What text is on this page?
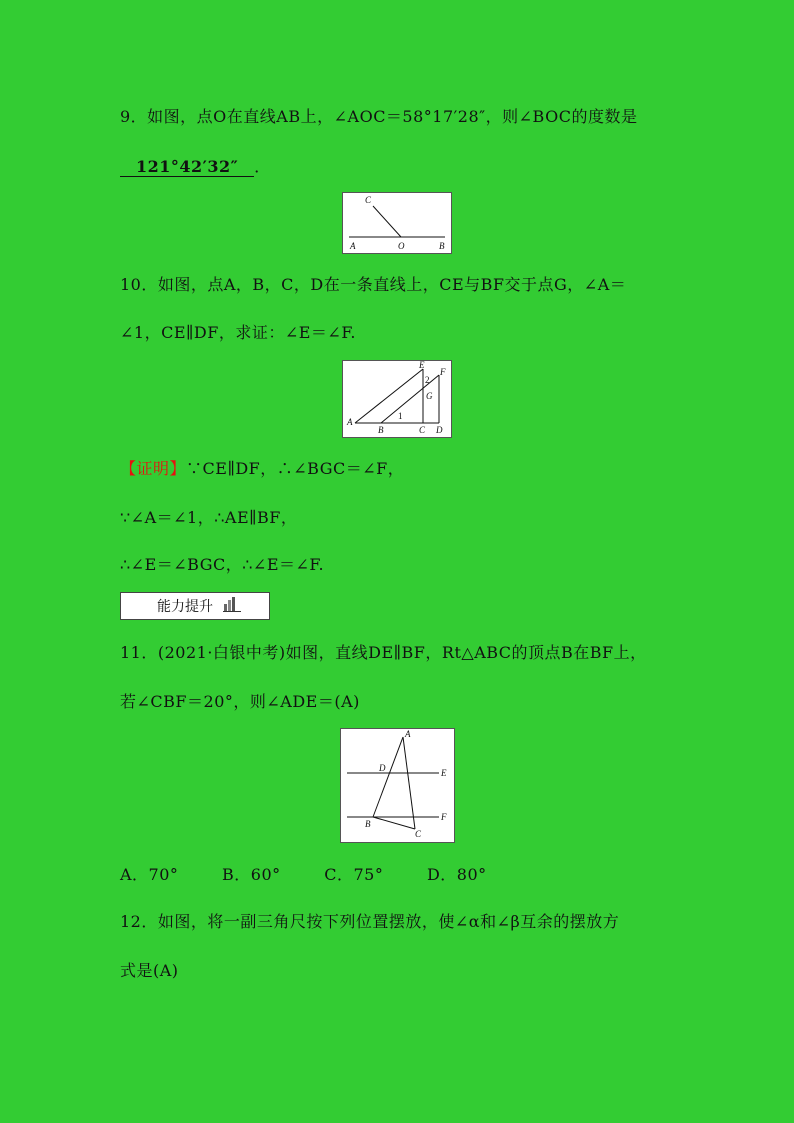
9．如图，点O在直线AB上，∠AOC＝58°17′28″，则∠BOC的度数是
121°42′32″ ．
C
A	O	B
10．如图，点A，B，C，D在一条直线上，CE与BF交于点G，∠A＝
∠1，CE∥DF，求证：∠E＝∠F.
E
F
2
G
1
A
B	C D
【证明】∵CE∥DF，∴∠BGC＝∠F，
∵∠A＝∠1，∴AE∥BF，
∴∠E＝∠BGC，∴∠E＝∠F.
能力提升
11．(2021·白银中考)如图，直线DE∥BF，Rt△ABC的顶点B在BF上，
若∠CBF＝20°，则∠ADE＝(A)
A
D	E
F
B
C
A．70°	B．60°	C．75°	D．80°
12．如图，将一副三角尺按下列位置摆放，使∠α和∠β互余的摆放方
式是(A)
